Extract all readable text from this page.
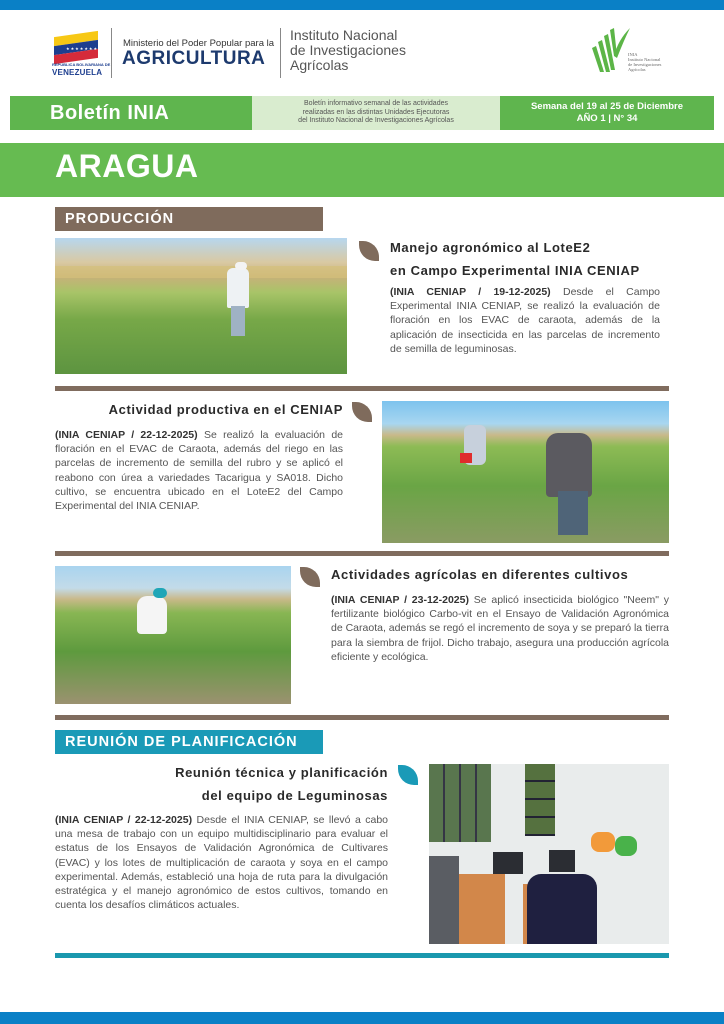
★★★★★★★★
REPÚBLICA BOLIVARIANA DE
VENEZUELA
Ministerio del Poder Popular para la
AGRICULTURA
Instituto Nacional
de Investigaciones
Agrícolas
INIA
Instituto Nacional
de Investigaciones
Agrícolas
Boletín INIA	Boletín informativo semanal de las actividades
realizadas en las distintas Unidades Ejecutoras
del Instituto Nacional de Investigaciones Agrícolas
Semana del 19 al 25 de Diciembre
AÑO 1 | N° 34
ARAGUA
PRODUCCIÓN
Manejo agronómico al LoteE2
en Campo Experimental INIA CENIAP
(INIA CENIAP / 19-12-2025) Desde el Campo Experimental INIA CENIAP, se realizó la evaluación de floración en los EVAC de caraota, además de la aplicación de insecticida en las parcelas de incremento de semilla de leguminosas.
Actividad productiva en el CENIAP
(INIA CENIAP / 22-12-2025) Se realizó la evaluación de floración en el EVAC de Caraota, además del riego en las parcelas de incremento de semilla del rubro y se aplicó el reabono con úrea a variedades Tacarigua y SA018. Dicho cultivo, se encuentra ubicado en el LoteE2 del Campo Experimental del INIA CENIAP.
Actividades agrícolas en diferentes cultivos
(INIA CENIAP / 23-12-2025) Se aplicó insecticida biológico "Neem" y fertilizante biológico Carbo-vit en el Ensayo de Validación Agronómica de Caraota, además se regó el incremento de soya y se preparó la tierra para la siembra de frijol. Dicho trabajo, asegura una producción agrícola eficiente y ecológica.
REUNIÓN DE PLANIFICACIÓN
Reunión técnica y planificación
del equipo de Leguminosas
(INIA CENIAP / 22-12-2025) Desde el INIA CENIAP, se llevó a cabo una mesa de trabajo con un equipo multidisciplinario para evaluar el estatus de los Ensayos de Validación Agronómica de Cultivares (EVAC) y los lotes de multiplicación de caraota y soya en el campo experimental. Además, estableció una hoja de ruta para la divulgación estratégica y el manejo agronómico de estos cultivos, tomando en cuenta los desafíos climáticos actuales.
